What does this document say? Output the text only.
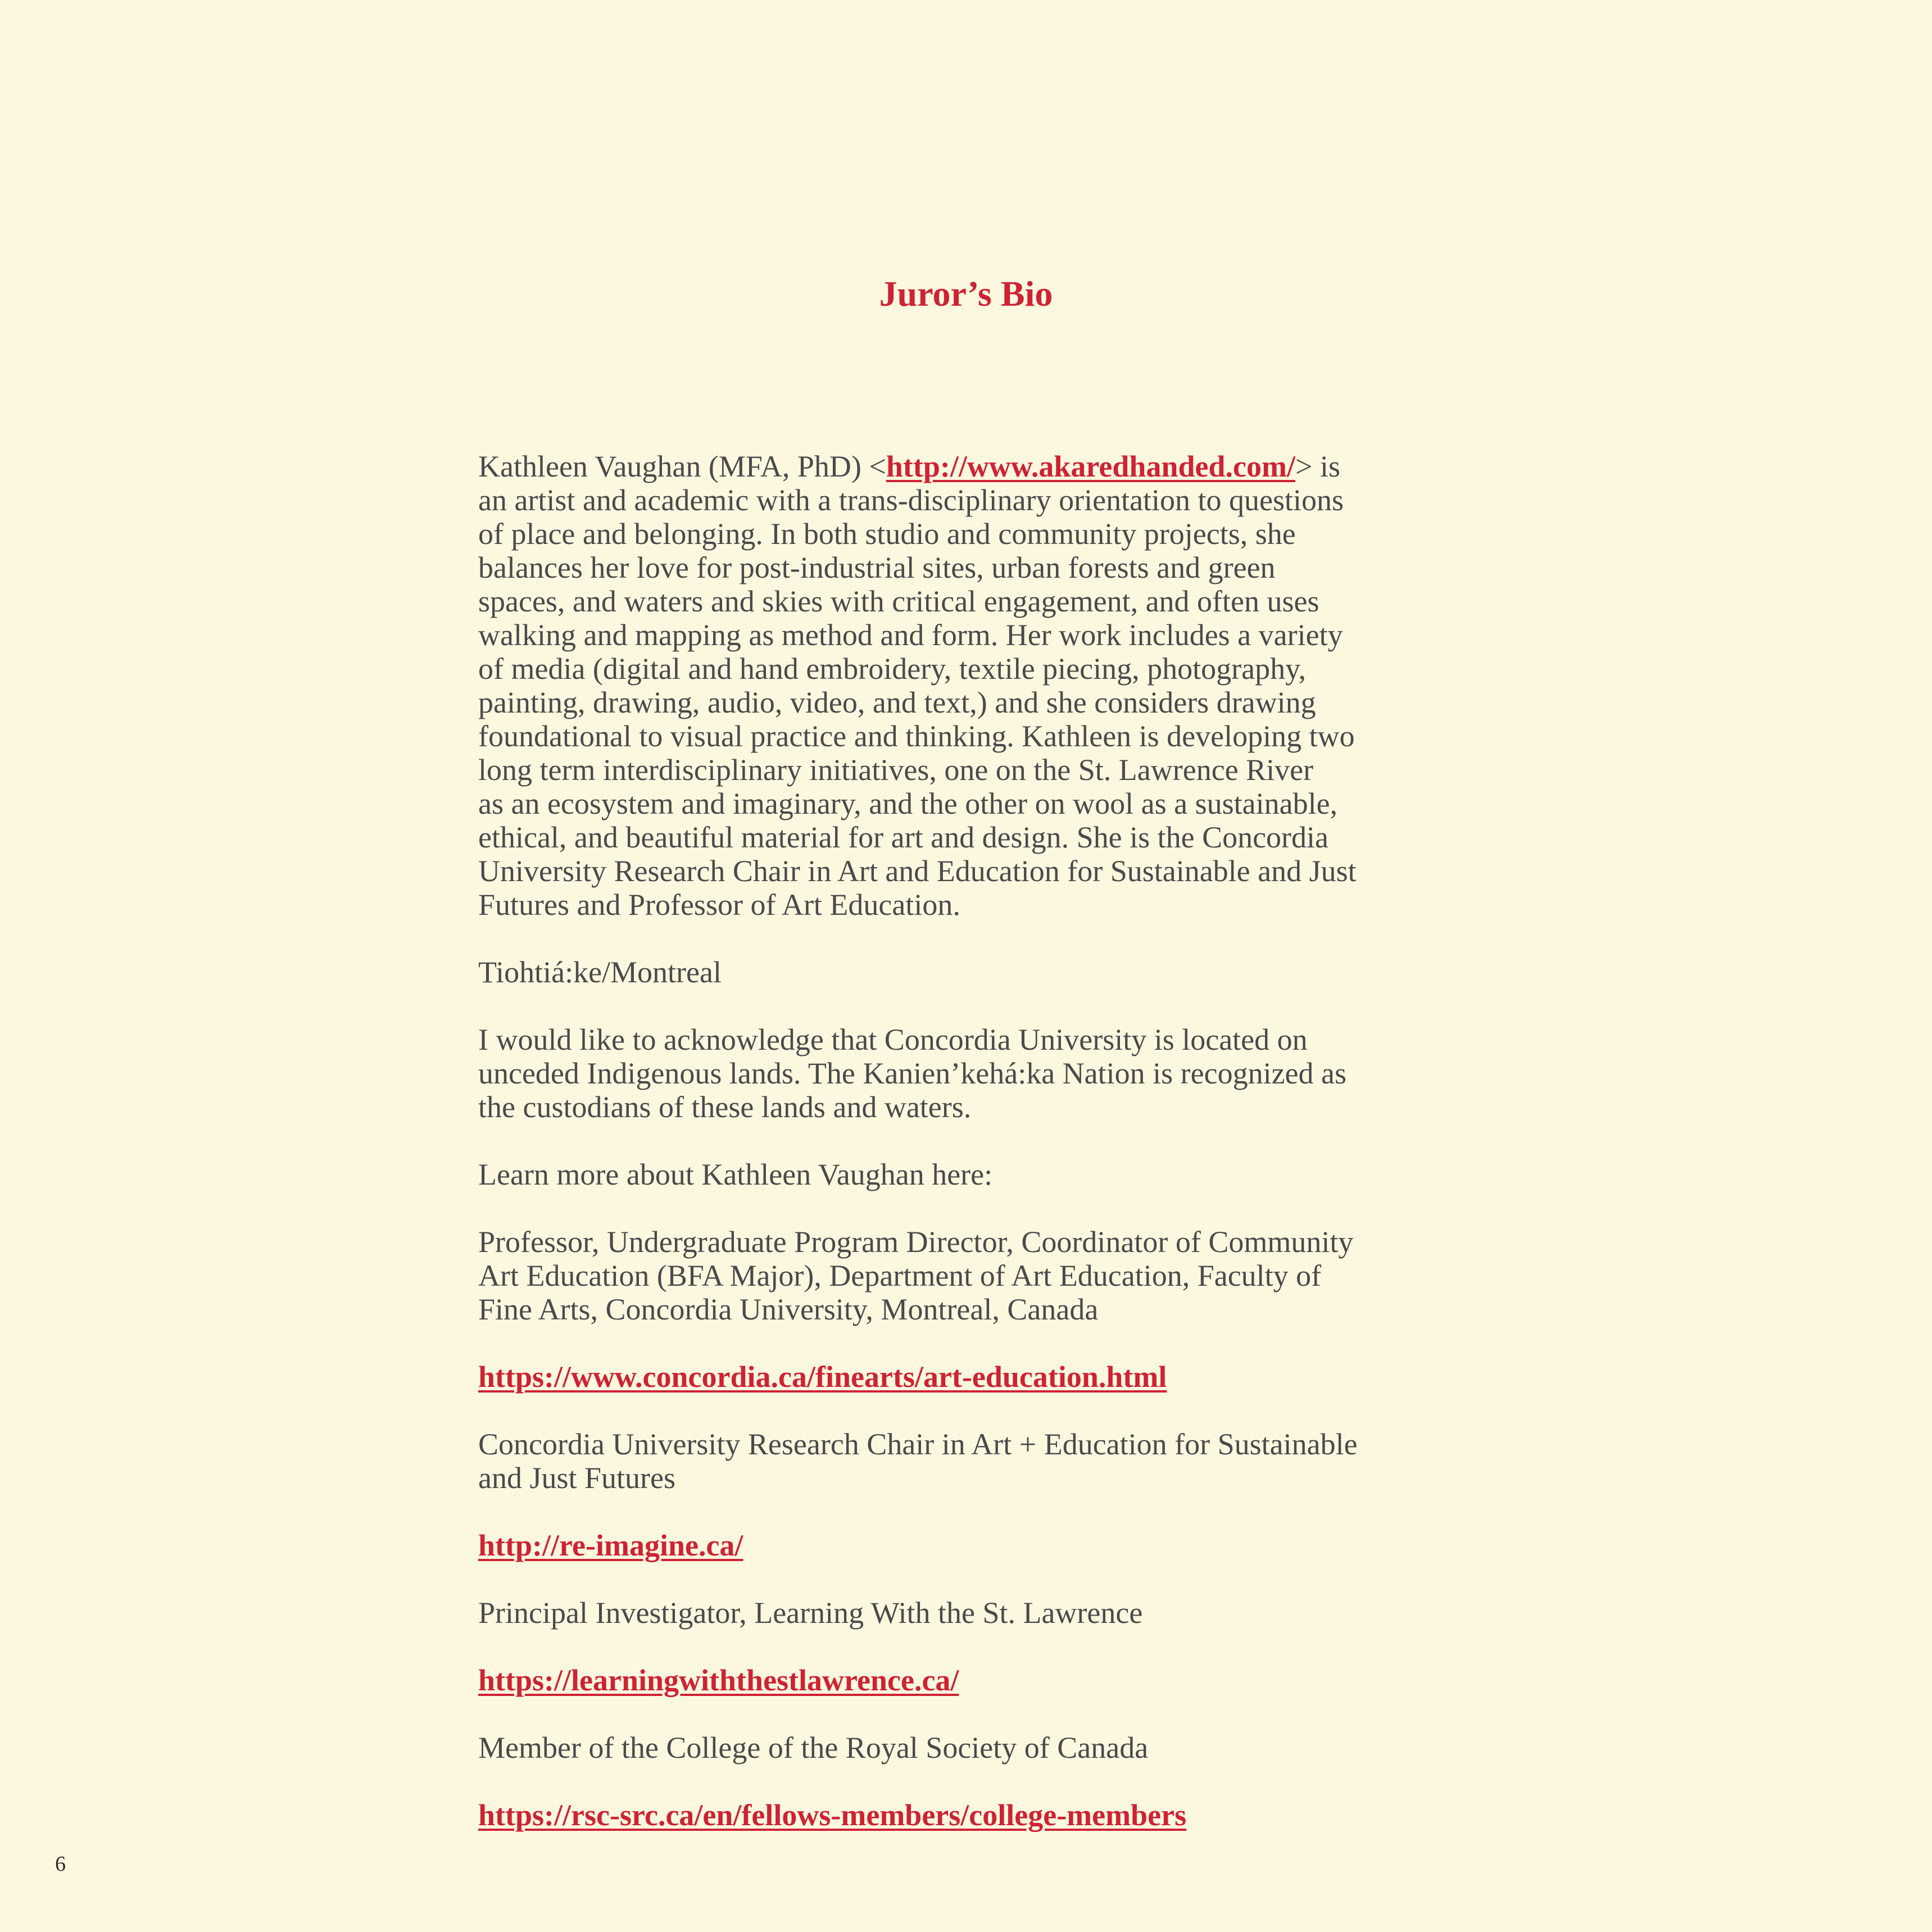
Juror’s Bio
Kathleen Vaughan (MFA, PhD) <http://www.akaredhanded.com/> is
an artist and academic with a trans-disciplinary orientation to questions
of place and belonging. In both studio and community projects, she
balances her love for post-industrial sites, urban forests and green
spaces, and waters and skies with critical engagement, and often uses
walking and mapping as method and form. Her work includes a variety
of media (digital and hand embroidery, textile piecing, photography,
painting, drawing, audio, video, and text,) and she considers drawing
foundational to visual practice and thinking. Kathleen is developing two
long term interdisciplinary initiatives, one on the St. Lawrence River
as an ecosystem and imaginary, and the other on wool as a sustainable,
ethical, and beautiful material for art and design. She is the Concordia
University Research Chair in Art and Education for Sustainable and Just
Futures and Professor of Art Education.
Tiohtiá:ke/Montreal
I would like to acknowledge that Concordia University is located on
unceded Indigenous lands. The Kanien’kehá:ka Nation is recognized as
the custodians of these lands and waters.
Learn more about Kathleen Vaughan here:
Professor, Undergraduate Program Director, Coordinator of Community
Art Education (BFA Major), Department of Art Education, Faculty of
Fine Arts, Concordia University, Montreal, Canada
https://www.concordia.ca/finearts/art-education.html
Concordia University Research Chair in Art + Education for Sustainable
and Just Futures
http://re-imagine.ca/
Principal Investigator, Learning With the St. Lawrence
https://learningwiththestlawrence.ca/
Member of the College of the Royal Society of Canada
https://rsc-src.ca/en/fellows-members/college-members
6
